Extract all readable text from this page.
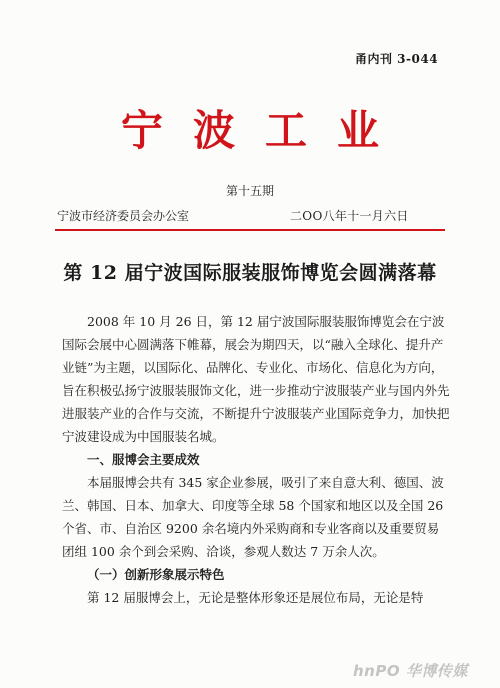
甬内刊 3-044
宁波工业
第十五期
宁波市经济委员会办公室	二OO八年十一月六日
第 12 届宁波国际服装服饰博览会圆满落幕

2008 年 10 月 26 日，第 12 届宁波国际服装服饰博览会在宁波国际会展中心圆满落下帷幕，展会为期四天，以“融入全球化、提升产业链”为主题，以国际化、品牌化、专业化、市场化、信息化为方向，旨在积极弘扬宁波服装服饰文化，进一步推动宁波服装产业与国内外先进服装产业的合作与交流，不断提升宁波服装产业国际竞争力，加快把宁波建设成为中国服装名城。

一、服博会主要成效

本届服博会共有 345 家企业参展，吸引了来自意大利、德国、波兰、韩国、日本、加拿大、印度等全球 58 个国家和地区以及全国 26 个省、市、自治区 9200 余名境内外采购商和专业客商以及重要贸易团组 100 余个到会采购、洽谈，参观人数达 7 万余人次。

（一）创新形象展示特色

第 12 届服博会上，无论是整体形象还是展位布局，无论是特

hnPO 华博传媒
